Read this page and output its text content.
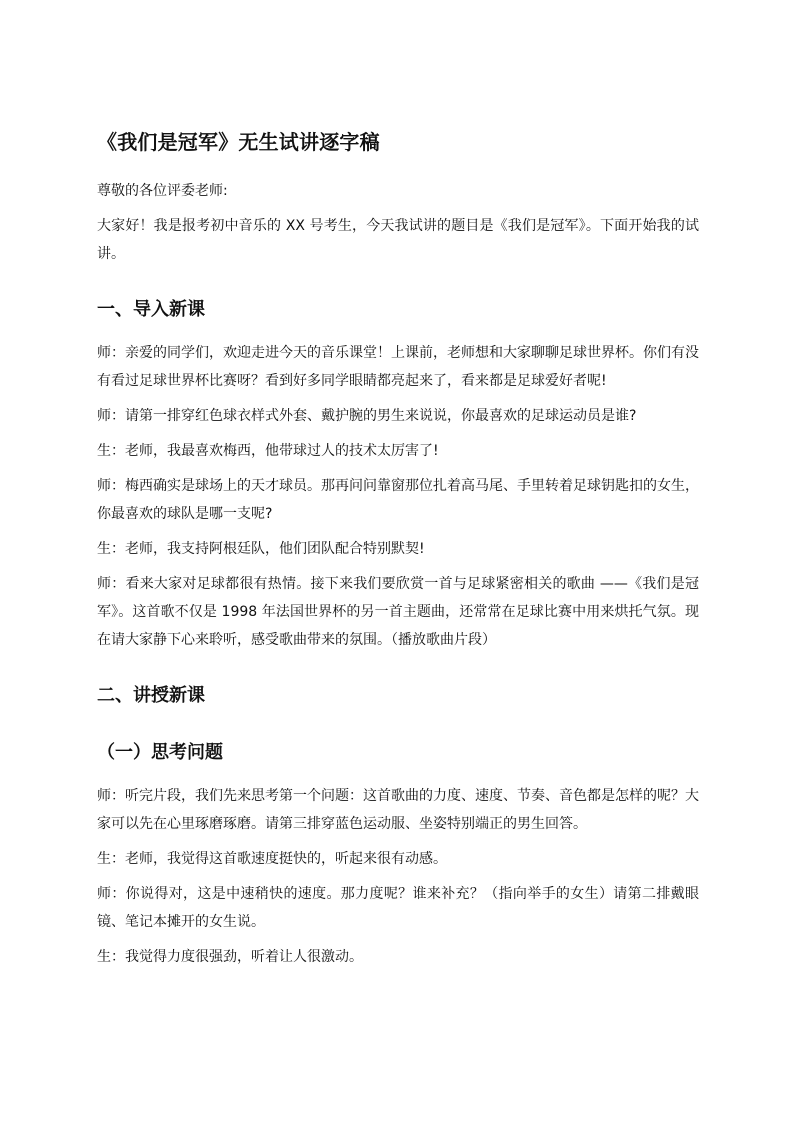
《我们是冠军》无生试讲逐字稿
尊敬的各位评委老师:
大家好！我是报考初中音乐的 XX 号考生，今天我试讲的题目是《我们是冠军》。下面开始我的试讲。
一、导入新课
师：亲爱的同学们，欢迎走进今天的音乐课堂！上课前，老师想和大家聊聊足球世界杯。你们有没有看过足球世界杯比赛呀？看到好多同学眼睛都亮起来了，看来都是足球爱好者呢!
师：请第一排穿红色球衣样式外套、戴护腕的男生来说说，你最喜欢的足球运动员是谁?
生：老师，我最喜欢梅西，他带球过人的技术太厉害了!
师：梅西确实是球场上的天才球员。那再问问靠窗那位扎着高马尾、手里转着足球钥匙扣的女生，你最喜欢的球队是哪一支呢?
生：老师，我支持阿根廷队，他们团队配合特别默契!
师：看来大家对足球都很有热情。接下来我们要欣赏一首与足球紧密相关的歌曲 ——《我们是冠军》。这首歌不仅是 1998 年法国世界杯的另一首主题曲，还常常在足球比赛中用来烘托气氛。现在请大家静下心来聆听，感受歌曲带来的氛围。（播放歌曲片段）
二、讲授新课
（一）思考问题
师：听完片段，我们先来思考第一个问题：这首歌曲的力度、速度、节奏、音色都是怎样的呢？大家可以先在心里琢磨琢磨。请第三排穿蓝色运动服、坐姿特别端正的男生回答。
生：老师，我觉得这首歌速度挺快的，听起来很有动感。
师：你说得对，这是中速稍快的速度。那力度呢？谁来补充？（指向举手的女生）请第二排戴眼镜、笔记本摊开的女生说。
生：我觉得力度很强劲，听着让人很激动。
